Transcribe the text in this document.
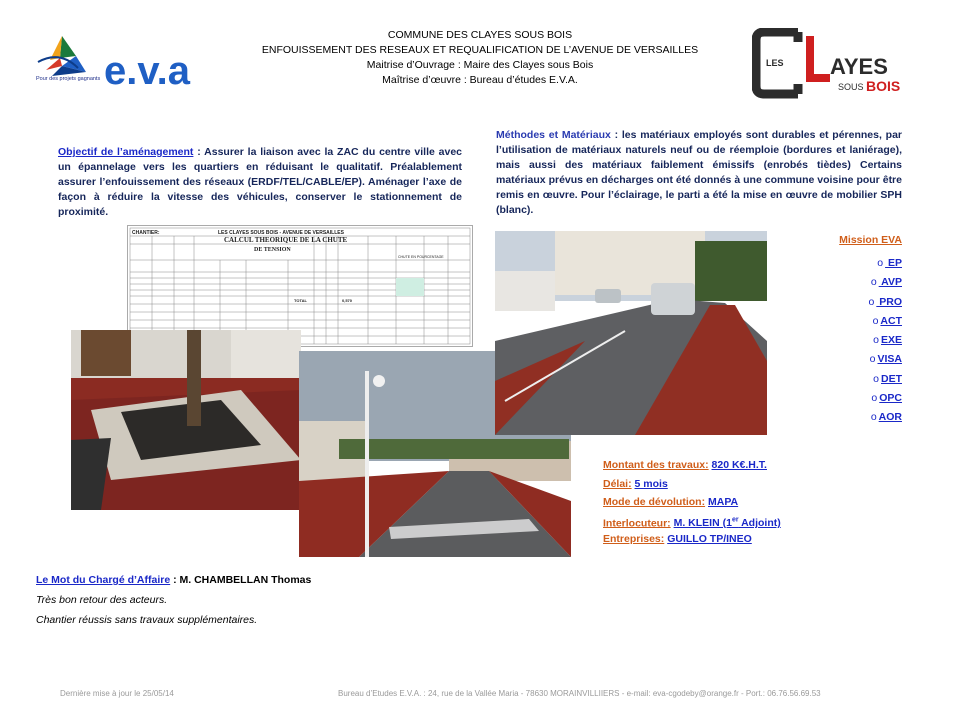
COMMUNE DES CLAYES SOUS BOIS
ENFOUISSEMENT DES RESEAUX ET REQUALIFICATION DE L’AVENUE DE VERSAILLES
Maitrise d’Ouvrage : Maire des Clayes sous Bois
Maîtrise d’œuvre : Bureau d’études E.V.A.
Pour des projets gagnants e.v.a	LES AYES
SOUS BOIS
Objectif de l’aménagement : Assurer la liaison avec la ZAC du centre ville avec un épannelage vers les quartiers en réduisant le qualitatif. Préalablement assurer l’enfouissement des réseaux (ERDF/TEL/CABLE/EP). Aménager l’axe de façon à réduire la vitesse des véhicules, conserver le stationnement de proximité.
Méthodes et Matériaux : les matériaux employés sont durables et pérennes, par l’utilisation de matériaux naturels neuf ou de réemploie (bordures et laniérage), mais aussi des matériaux faiblement émissifs (enrobés tièdes) Certains matériaux prévus en décharges ont été donnés à une commune voisine pour être remis en œuvre. Pour l’éclairage, le parti a été la mise en œuvre de mobilier SPH (blanc).
CHANTIER:	LES CLAYES SOUS BOIS - AVENUE DE VERSAILLES
CALCUL THEORIQUE DE LA CHUTE
DE TENSION
CHUTE EN POURCENTAGE
TOTAL	0,570
Mission EVA
o EP
o AVP
o PRO
o ACT
o EXE
o VISA
o DET
o OPC
o AOR
Montant des travaux: 820 K€.H.T.
Délai: 5 mois
Mode de dévolution: MAPA
Interlocuteur: M. KLEIN (1er Adjoint)
Entreprises: GUILLO TP/INEO
Le Mot du Chargé d’Affaire : M. CHAMBELLAN Thomas
Très bon retour des acteurs.
Chantier réussis sans travaux supplémentaires.
Dernière mise à jour le 25/05/14	Bureau d’Etudes E.V.A. : 24, rue de la Vallée Maria - 78630 MORAINVILLIIERS - e-mail: eva-cgodeby@orange.fr - Port.: 06.76.56.69.53
